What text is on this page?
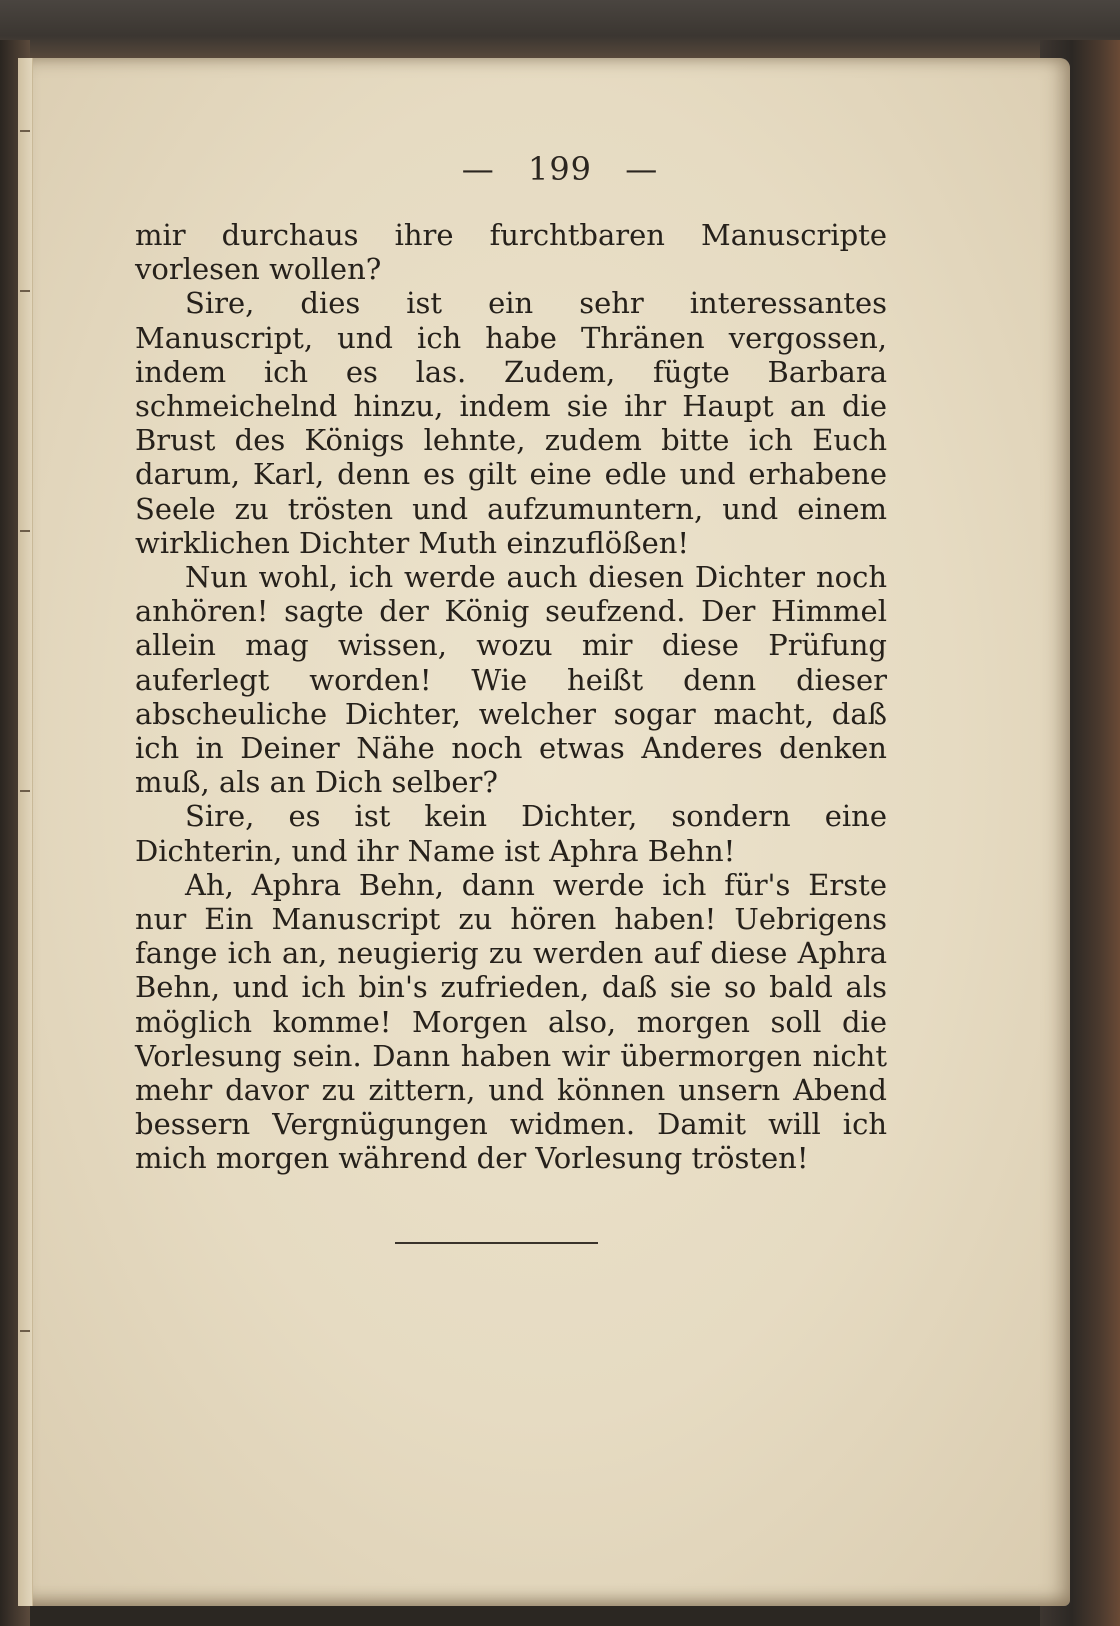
— 199 —

mir durchaus ihre furchtbaren Manuscripte vorlesen wollen?

Sire, dies ist ein sehr interessantes Manuscript, und ich habe Thränen vergossen, indem ich es las. Zudem, fügte Barbara schmeichelnd hinzu, indem sie ihr Haupt an die Brust des Königs lehnte, zudem bitte ich Euch darum, Karl, denn es gilt eine edle und erhabene Seele zu trösten und aufzumuntern, und einem wirklichen Dichter Muth einzuflößen!

Nun wohl, ich werde auch diesen Dichter noch anhören! sagte der König seufzend. Der Himmel allein mag wissen, wozu mir diese Prüfung auferlegt worden! Wie heißt denn dieser abscheuliche Dichter, welcher sogar macht, daß ich in Deiner Nähe noch etwas Anderes denken muß, als an Dich selber?

Sire, es ist kein Dichter, sondern eine Dichterin, und ihr Name ist Aphra Behn!

Ah, Aphra Behn, dann werde ich für's Erste nur Ein Manuscript zu hören haben! Uebrigens fange ich an, neugierig zu werden auf diese Aphra Behn, und ich bin's zufrieden, daß sie so bald als möglich komme! Morgen also, morgen soll die Vorlesung sein. Dann haben wir übermorgen nicht mehr davor zu zittern, und können unsern Abend bessern Vergnügungen widmen. Damit will ich mich morgen während der Vorlesung trösten!
